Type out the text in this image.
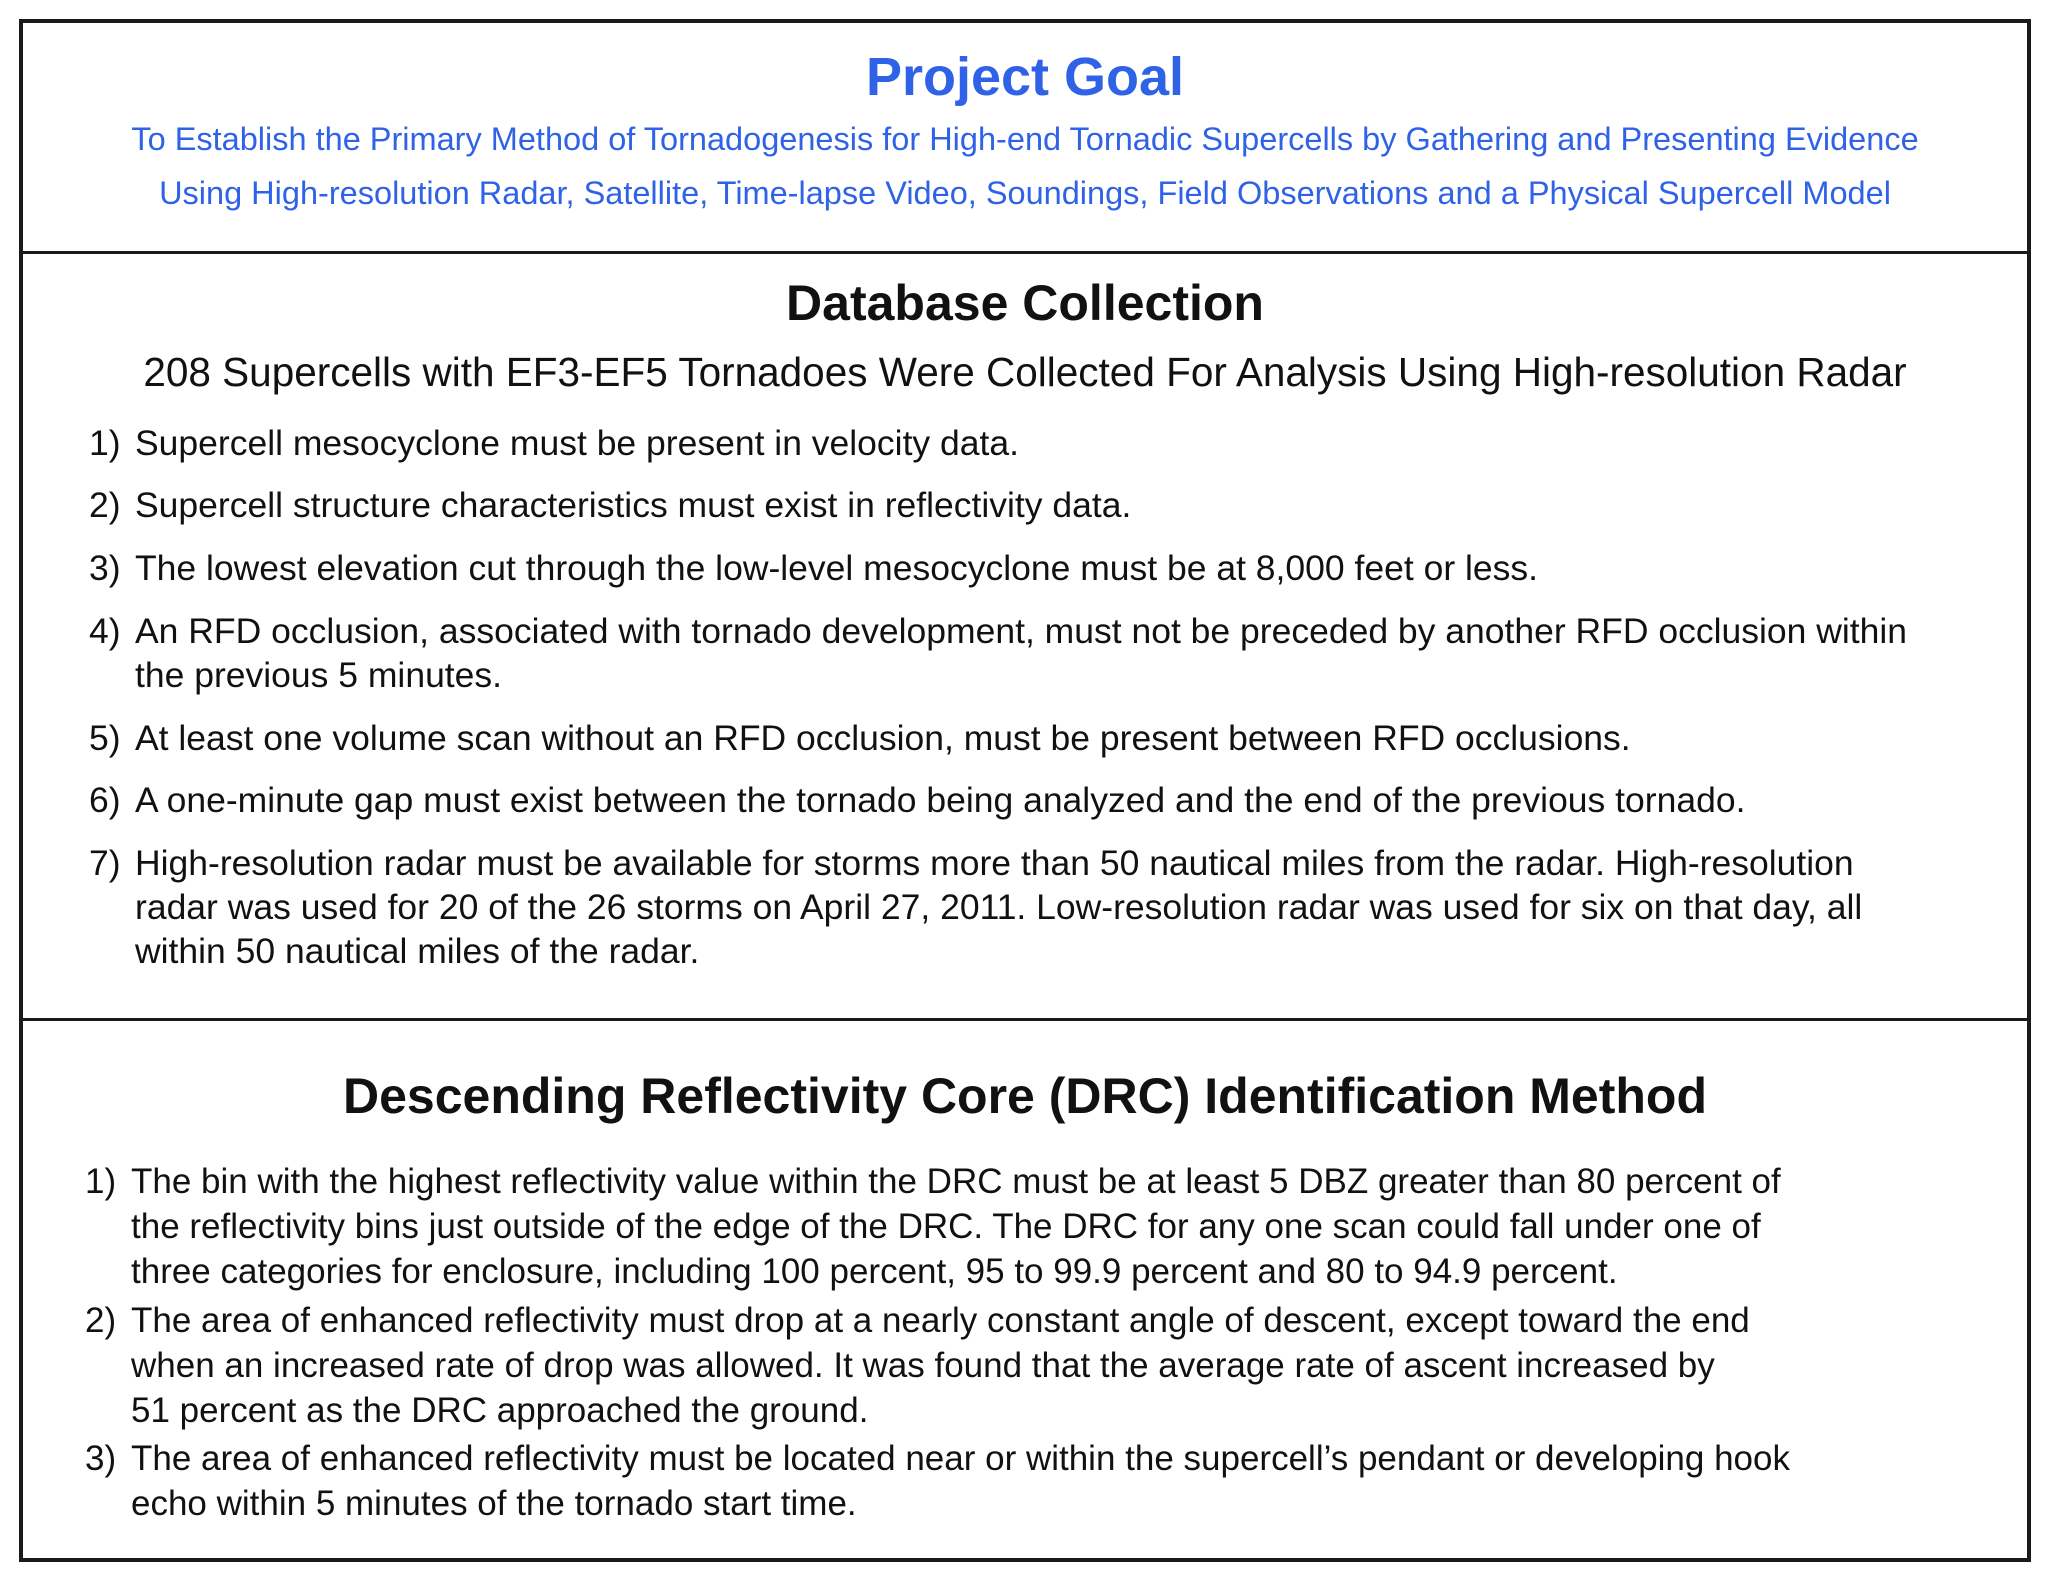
Project Goal
To Establish the Primary Method of Tornadogenesis for High-end Tornadic Supercells by Gathering and Presenting Evidence
Using High-resolution Radar, Satellite, Time-lapse Video, Soundings, Field Observations and a Physical Supercell Model
Database Collection
208 Supercells with EF3-EF5 Tornadoes Were Collected For Analysis Using High-resolution Radar
1) Supercell mesocyclone must be present in velocity data.
2) Supercell structure characteristics must exist in reflectivity data.
3) The lowest elevation cut through the low-level mesocyclone must be at 8,000 feet or less.
4) An RFD occlusion, associated with tornado development, must not be preceded by another RFD occlusion within
the previous 5 minutes.
5) At least one volume scan without an RFD occlusion, must be present between RFD occlusions.
6) A one-minute gap must exist between the tornado being analyzed and the end of the previous tornado.
7) High-resolution radar must be available for storms more than 50 nautical miles from the radar. High-resolution
radar was used for 20 of the 26 storms on April 27, 2011. Low-resolution radar was used for six on that day, all
within 50 nautical miles of the radar.
Descending Reflectivity Core (DRC) Identification Method
1) The bin with the highest reflectivity value within the DRC must be at least 5 DBZ greater than 80 percent of
the reflectivity bins just outside of the edge of the DRC. The DRC for any one scan could fall under one of
three categories for enclosure, including 100 percent, 95 to 99.9 percent and 80 to 94.9 percent.
2) The area of enhanced reflectivity must drop at a nearly constant angle of descent, except toward the end
when an increased rate of drop was allowed. It was found that the average rate of ascent increased by
51 percent as the DRC approached the ground.
3) The area of enhanced reflectivity must be located near or within the supercell’s pendant or developing hook
echo within 5 minutes of the tornado start time.
